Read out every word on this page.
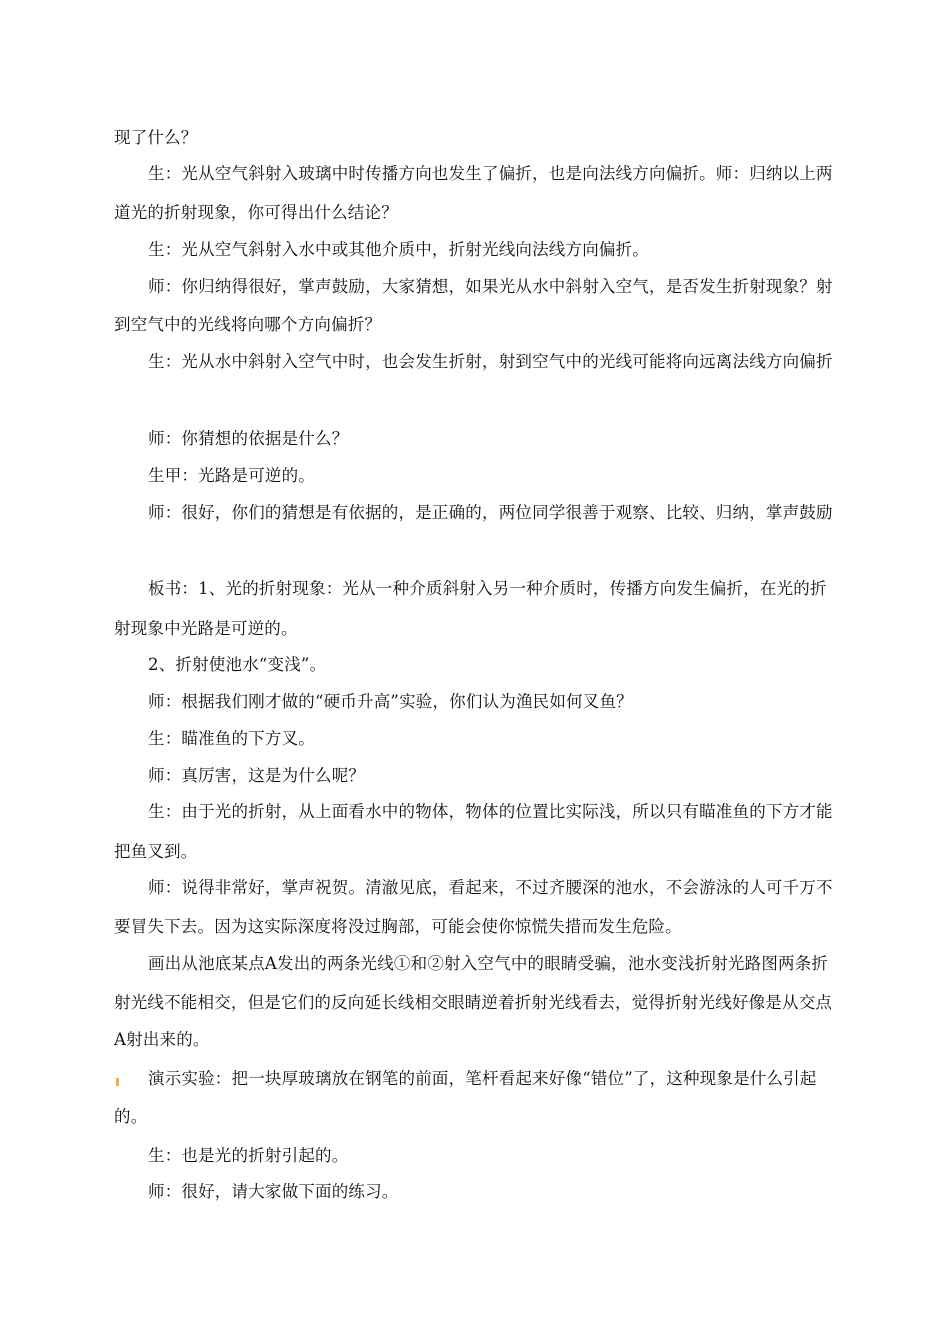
现了什么？
生：光从空气斜射入玻璃中时传播方向也发生了偏折，也是向法线方向偏折。师：归纳以上两
道光的折射现象，你可得出什么结论？
生：光从空气斜射入水中或其他介质中，折射光线向法线方向偏折。
师：你归纳得很好，掌声鼓励，大家猜想，如果光从水中斜射入空气，是否发生折射现象？射
到空气中的光线将向哪个方向偏折？
生：光从水中斜射入空气中时，也会发生折射，射到空气中的光线可能将向远离法线方向偏折
师：你猜想的依据是什么？
生甲：光路是可逆的。
师：很好，你们的猜想是有依据的，是正确的，两位同学很善于观察、比较、归纳，掌声鼓励
板书：1、光的折射现象：光从一种介质斜射入另一种介质时，传播方向发生偏折，在光的折
射现象中光路是可逆的。
2、折射使池水“变浅”。
师：根据我们刚才做的“硬币升高”实验，你们认为渔民如何叉鱼？
生：瞄准鱼的下方叉。
师：真厉害，这是为什么呢？
生：由于光的折射，从上面看水中的物体，物体的位置比实际浅，所以只有瞄准鱼的下方才能
把鱼叉到。
师：说得非常好，掌声祝贺。清澈见底，看起来，不过齐腰深的池水，不会游泳的人可千万不
要冒失下去。因为这实际深度将没过胸部，可能会使你惊慌失措而发生危险。
画出从池底某点A发出的两条光线①和②射入空气中的眼睛受骗，池水变浅折射光路图两条折
射光线不能相交，但是它们的反向延长线相交眼睛逆着折射光线看去，觉得折射光线好像是从交点
A射出来的。
演示实验：把一块厚玻璃放在钢笔的前面，笔杆看起来好像“错位”了，这种现象是什么引起
的。
生：也是光的折射引起的。
师：很好，请大家做下面的练习。
